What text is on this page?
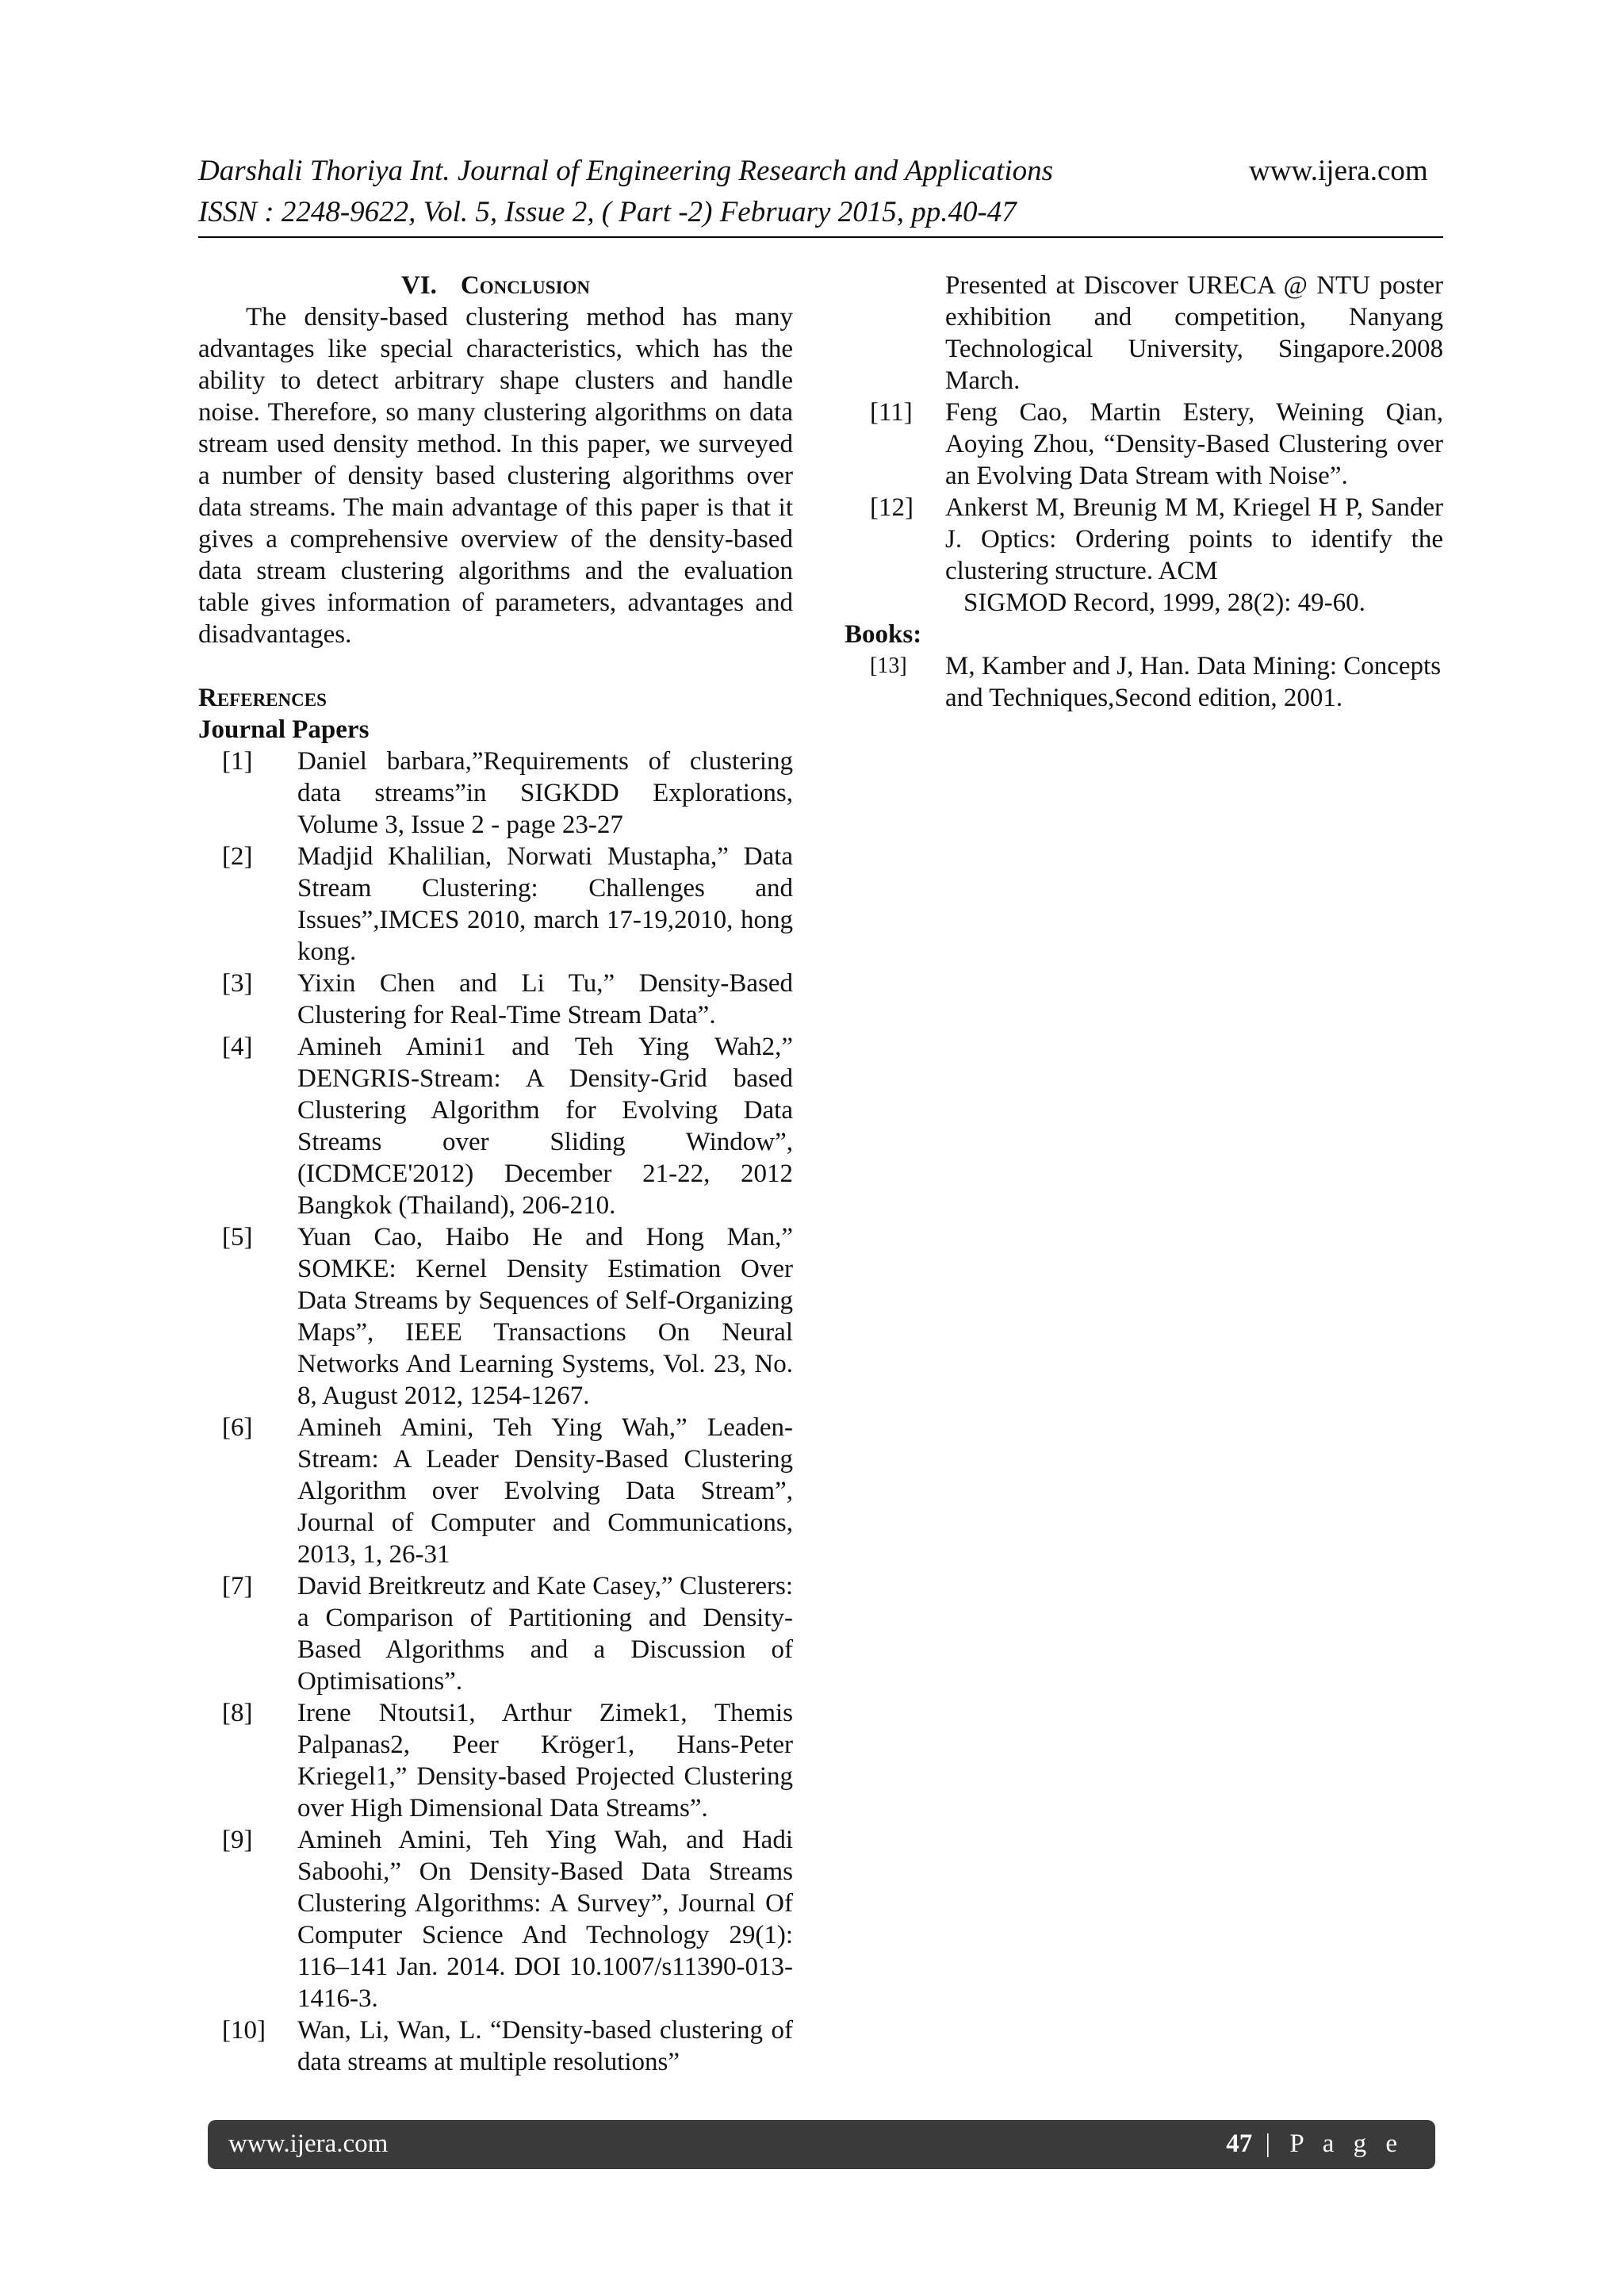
Darshali Thoriya Int. Journal of Engineering Research and Applications
ISSN : 2248-9622, Vol. 5, Issue 2, ( Part -2) February 2015, pp.40-47
www.ijera.com
VI. Conclusion

The density-based clustering method has many advantages like special characteristics, which has the ability to detect arbitrary shape clusters and handle noise. Therefore, so many clustering algorithms on data stream used density method. In this paper, we surveyed a number of density based clustering algorithms over data streams. The main advantage of this paper is that it gives a comprehensive overview of the density-based data stream clustering algorithms and the evaluation table gives information of parameters, advantages and disadvantages.

References
Journal Papers
[1]	Daniel barbara,”Requirements of clustering data streams”in SIGKDD Explorations, Volume 3, Issue 2 - page 23-27
[2]	Madjid Khalilian, Norwati Mustapha,” Data Stream Clustering: Challenges and Issues”,IMCES 2010, march 17-19,2010, hong kong.
[3]	Yixin Chen and Li Tu,” Density-Based Clustering for Real-Time Stream Data”.
[4]	Amineh Amini1 and Teh Ying Wah2,” DENGRIS-Stream: A Density-Grid based Clustering Algorithm for Evolving Data Streams over Sliding Window”, (ICDMCE'2012) December 21-22, 2012 Bangkok (Thailand), 206-210.
[5]	Yuan Cao, Haibo He and Hong Man,” SOMKE: Kernel Density Estimation Over Data Streams by Sequences of Self-Organizing Maps”, IEEE Transactions On Neural Networks And Learning Systems, Vol. 23, No. 8, August 2012, 1254-1267.
[6]	Amineh Amini, Teh Ying Wah,” Leaden-Stream: A Leader Density-Based Clustering Algorithm over Evolving Data Stream”, Journal of Computer and Communications, 2013, 1, 26-31
[7]	David Breitkreutz and Kate Casey,” Clusterers: a Comparison of Partitioning and Density-Based Algorithms and a Discussion of Optimisations”.
[8]	Irene Ntoutsi1, Arthur Zimek1, Themis Palpanas2, Peer Kröger1, Hans-Peter Kriegel1,” Density-based Projected Clustering over High Dimensional Data Streams”.
[9]	Amineh Amini, Teh Ying Wah, and Hadi Saboohi,” On Density-Based Data Streams Clustering Algorithms: A Survey”, Journal Of Computer Science And Technology 29(1): 116–141 Jan. 2014. DOI 10.1007/s11390-013-1416-3.
[10]	Wan, Li, Wan, L. “Density-based clustering of data streams at multiple resolutions”
Presented at Discover URECA @ NTU poster exhibition and competition, Nanyang Technological University, Singapore.2008 March.
[11]	Feng Cao, Martin Estery, Weining Qian, Aoying Zhou, “Density-Based Clustering over an Evolving Data Stream with Noise”.
[12]	Ankerst M, Breunig M M, Kriegel H P, Sander J. Optics: Ordering points to identify the clustering structure. ACM
SIGMOD Record, 1999, 28(2): 49-60.
Books:
[13]	M, Kamber and J, Han. Data Mining: Concepts and Techniques,Second edition, 2001.
www.ijera.com	47 | P a g e
